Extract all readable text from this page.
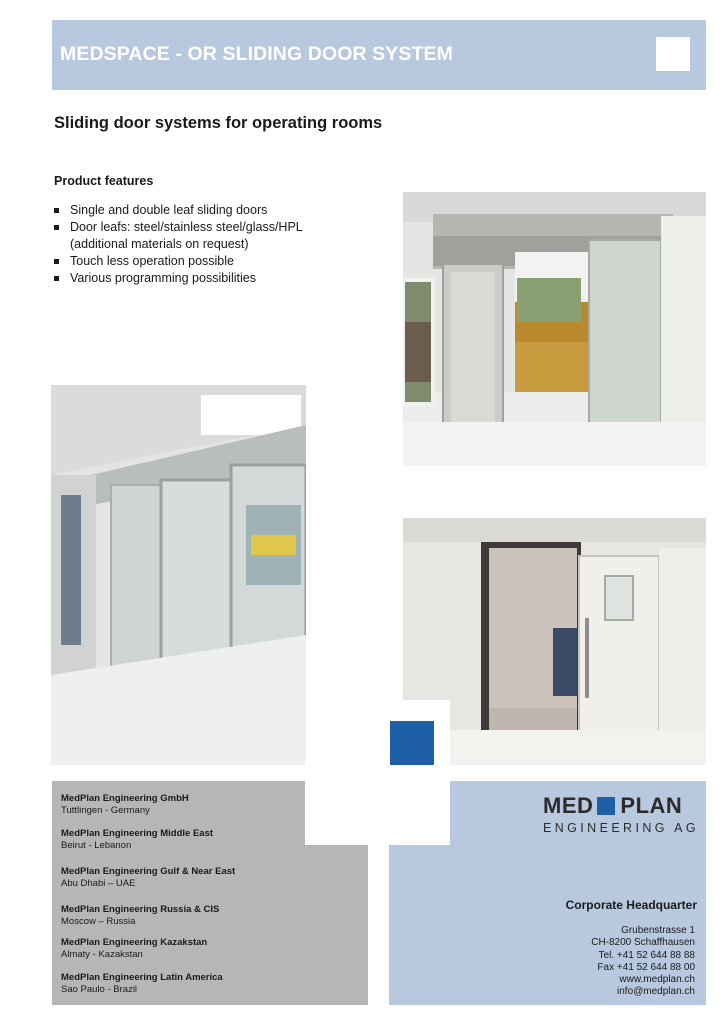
MEDSPACE - OR SLIDING DOOR SYSTEM
Sliding door systems for operating rooms
Product features
Single and double leaf sliding doors
Door leafs: steel/stainless steel/glass/HPL
(additional materials on request)
Touch less operation possible
Various programming possibilities
MedPlan Engineering GmbH
Tuttlingen - Germany
MedPlan Engineering Middle East
Beirut - Lebanon
MedPlan Engineering Gulf & Near East
Abu Dhabi – UAE
MedPlan Engineering Russia & CIS
Moscow – Russia
MedPlan Engineering Kazakstan
Almaty - Kazakstan
MedPlan Engineering Latin America
Sao Paulo - Brazil
MED PLAN
ENGINEERING AG
Corporate Headquarter
Grubenstrasse 1
CH-8200 Schaffhausen
Tel. +41 52 644 88 88
Fax +41 52 644 88 00
www.medplan.ch
info@medplan.ch
